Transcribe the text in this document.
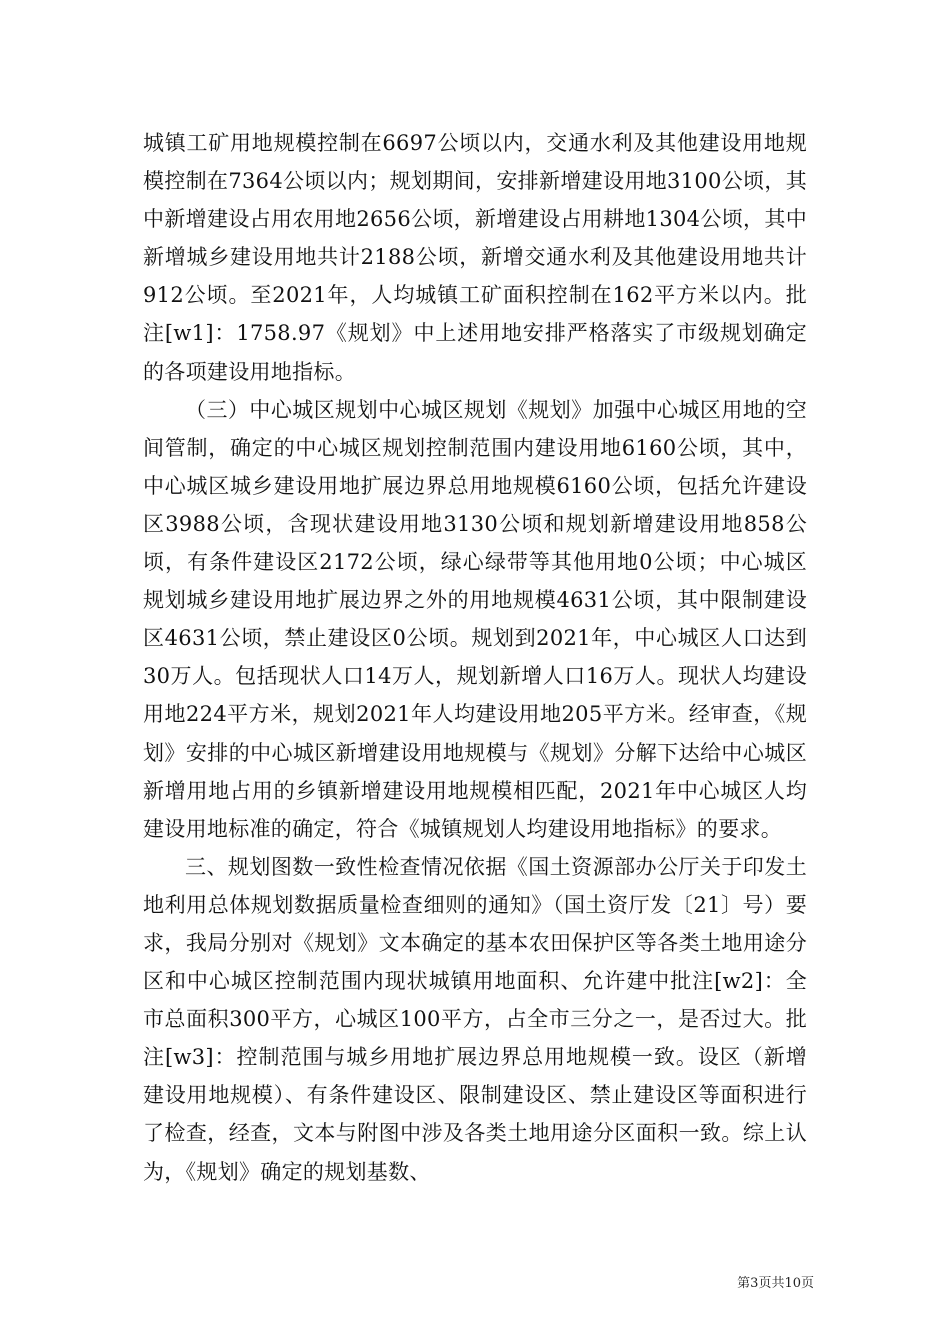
城镇工矿用地规模控制在6697公顷以内，交通水利及其他建设用地规模控制在7364公顷以内；规划期间，安排新增建设用地3100公顷，其中新增建设占用农用地2656公顷，新增建设占用耕地1304公顷，其中新增城乡建设用地共计2188公顷，新增交通水利及其他建设用地共计912公顷。至2021年，人均城镇工矿面积控制在162平方米以内。批注[w1]：1758.97《规划》中上述用地安排严格落实了市级规划确定的各项建设用地指标。

（三）中心城区规划中心城区规划《规划》加强中心城区用地的空间管制，确定的中心城区规划控制范围内建设用地6160公顷，其中，中心城区城乡建设用地扩展边界总用地规模6160公顷，包括允许建设区3988公顷，含现状建设用地3130公顷和规划新增建设用地858公顷，有条件建设区2172公顷，绿心绿带等其他用地0公顷；中心城区规划城乡建设用地扩展边界之外的用地规模4631公顷，其中限制建设区4631公顷，禁止建设区0公顷。规划到2021年，中心城区人口达到30万人。包括现状人口14万人，规划新增人口16万人。现状人均建设用地224平方米，规划2021年人均建设用地205平方米。经审查，《规划》安排的中心城区新增建设用地规模与《规划》分解下达给中心城区新增用地占用的乡镇新增建设用地规模相匹配，2021年中心城区人均建设用地标准的确定，符合《城镇规划人均建设用地指标》的要求。

三、规划图数一致性检查情况依据《国土资源部办公厅关于印发土地利用总体规划数据质量检查细则的通知》（国土资厅发〔21〕号）要求，我局分别对《规划》文本确定的基本农田保护区等各类土地用途分区和中心城区控制范围内现状城镇用地面积、允许建中批注[w2]：全市总面积300平方，心城区100平方，占全市三分之一，是否过大。批注[w3]：控制范围与城乡用地扩展边界总用地规模一致。设区（新增建设用地规模）、有条件建设区、限制建设区、禁止建设区等面积进行了检查，经查，文本与附图中涉及各类土地用途分区面积一致。综上认为，《规划》确定的规划基数、

第3页共10页
